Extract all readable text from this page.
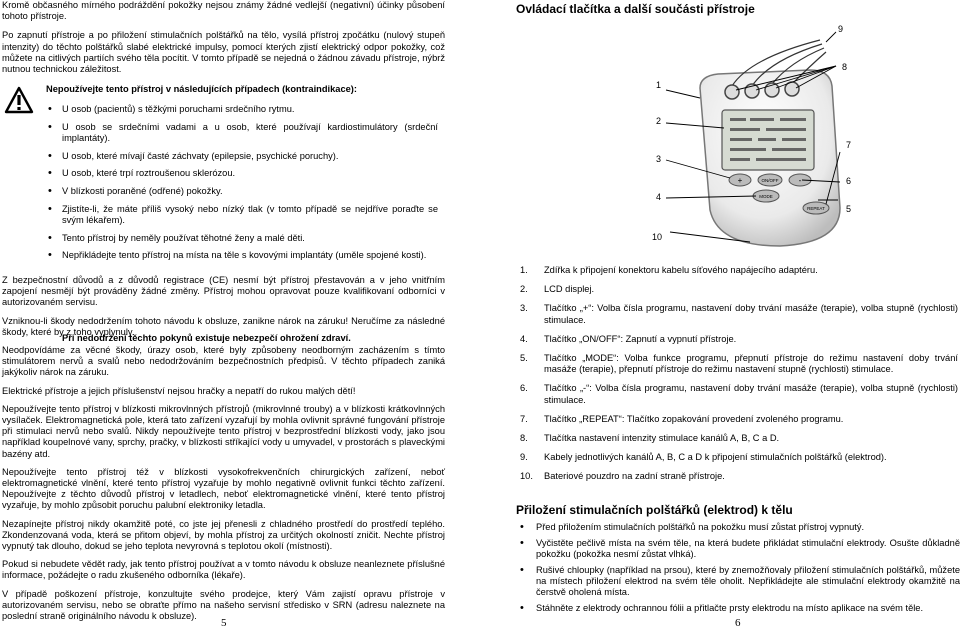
Kromě občasného mírného podráždění pokožky nejsou známy žádné vedlejší (negativní) účinky působení tohoto přístroje.

Po zapnutí přístroje a po přiložení stimulačních polštářků na tělo, vysílá přístroj zpočátku (nulový stupeň intenzity) do těchto polštářků slabé elektrické impulsy, pomocí kterých zjistí elektrický odpor pokožky, což můžete na citlivých partiích svého těla pocítit. V tomto případě se nejedná o žádnou závadu přístroje, nýbrž nutnou technickou záležitost.

Nepoužívejte tento přístroj v následujících případech (kontraindikace):
• U osob (pacientů) s těžkými poruchami srdečního rytmu.
• U osob se srdečními vadami a u osob, které používají kardiostimulátory (srdeční implantáty).
• U osob, které mívají časté záchvaty (epilepsie, psychické poruchy).
• U osob, které trpí roztroušenou sklerózou.
• V blízkosti poraněné (odřené) pokožky.
• Zjistíte-li, že máte příliš vysoký nebo nízký tlak (v tomto případě se nejdříve poraďte se svým lékařem).
• Tento přístroj by neměly používat těhotné ženy a malé děti.
• Nepřikládejte tento přístroj na místa na těle s kovovými implantáty (uměle spojené kosti).
Při nedodržení těchto pokynů existuje nebezpečí ohrožení zdraví.

Z bezpečnostní důvodů a z důvodů registrace (CE) nesmí být přístroj přestavován a v jeho vnitřním zapojení nesmějí být prováděny žádné změny. Přístroj mohou opravovat pouze kvalifikovaní odborníci v autorizovaném servisu.

Vzniknou-li škody nedodržením tohoto návodu k obsluze, zanikne nárok na záruku! Neručíme za následné škody, které by z toho vyplynuly.

Neodpovídáme za věcné škody, úrazy osob, které byly způsobeny neodborným zacházením s tímto stimulátorem nervů a svalů nebo nedodržováním bezpečnostních předpisů. V těchto případech zaniká jakýkoliv nárok na záruku.

Elektrické přístroje a jejich příslušenství nejsou hračky a nepatří do rukou malých dětí!

Nepoužívejte tento přístroj v blízkosti mikrovlnných přístrojů (mikrovlnné trouby) a v blízkosti krátkovlnných vysílaček. Elektromagnetická pole, která tato zařízení vyzařují by mohla ovlivnit správné fungování přístroje při stimulaci nervů nebo svalů. Nikdy nepoužívejte tento přístroj v bezprostřední blízkosti vody, jako jsou například koupelnové vany, sprchy, pračky, v blízkosti stříkající vody u umyvadel, v prostorách s plaveckými bazény atd.

Nepoužívejte tento přístroj též v blízkosti vysokofrekvenčních chirurgických zařízení, neboť elektromagnetické vlnění, které tento přístroj vyzařuje by mohlo negativně ovlivnit funkci těchto zařízení. Nepoužívejte z těchto důvodů přístroj v letadlech, neboť elektromagnetické vlnění, které tento přístroj vyzařuje, by mohlo způsobit poruchu palubní elektroniky letadla.

Nezapínejte přístroj nikdy okamžitě poté, co jste jej přenesli z chladného prostředí do prostředí teplého. Zkondenzovaná voda, která se přitom objeví, by mohla přístroj za určitých okolností zničit. Nechte přístroj vypnutý tak dlouho, dokud se jeho teplota nevyrovná s teplotou okolí (místnosti).

Pokud si nebudete vědět rady, jak tento přístroj používat a v tomto návodu k obsluze neanleznete příslušné informace, požádejte o radu zkušeného odborníka (lékaře).

V případě poškození přístroje, konzultujte svého prodejce, který Vám zajistí opravu přístroje v autorizovaném servisu, nebo se obraťte přímo na našeho servisní středisko v SRN (adresu naleznete na poslední straně originálního návodu k obsluze).

5
Ovládací tlačítka a další součásti přístroje
+	ON/OFF	-
MODE
REPEAT
1
2
3
4
5
6
7
8
9
10
1. Zdířka k připojení konektoru kabelu síťového napájecího adaptéru.
2. LCD displej.
3. Tlačítko „+“: Volba čísla programu, nastavení doby trvání masáže (terapie), volba stupně (rychlosti) stimulace.
4. Tlačítko „ON/OFF“: Zapnutí a vypnutí přístroje.
5. Tlačítko „MODE“: Volba funkce programu, přepnutí přístroje do režimu nastavení doby trvání masáže (terapie), přepnutí přístroje do režimu nastavení stupně (rychlosti) stimulace.
6. Tlačítko „-“: Volba čísla programu, nastavení doby trvání masáže (terapie), volba stupně (rychlosti) stimulace.
7. Tlačítko „REPEAT“: Tlačítko zopakování provedení zvoleného programu.
8. Tlačítka nastavení intenzity stimulace kanálů A, B, C a D.
9. Kabely jednotlivých kanálů A, B, C a D k připojení stimulačních polštářků (elektrod).
10. Bateriové pouzdro na zadní straně přístroje.
Přiložení stimulačních polštářků (elektrod) k tělu
• Před přiložením stimulačních polštářků na pokožku musí zůstat přístroj vypnutý.
• Vyčistěte pečlivě místa na svém těle, na která budete přikládat stimulační elektrody. Osušte důkladně pokožku (pokožka nesmí zůstat vlhká).
• Rušivé chloupky (například na prsou), které by znemožňovaly přiložení stimulačních polštářků, můžete na místech přiložení elektrod na svém těle oholit. Nepřikládejte ale stimulační elektrody okamžitě na čerstvě oholená místa.
• Stáhněte z elektrody ochrannou fólii a přitlačte prsty elektrodu na místo aplikace na svém těle.
6
